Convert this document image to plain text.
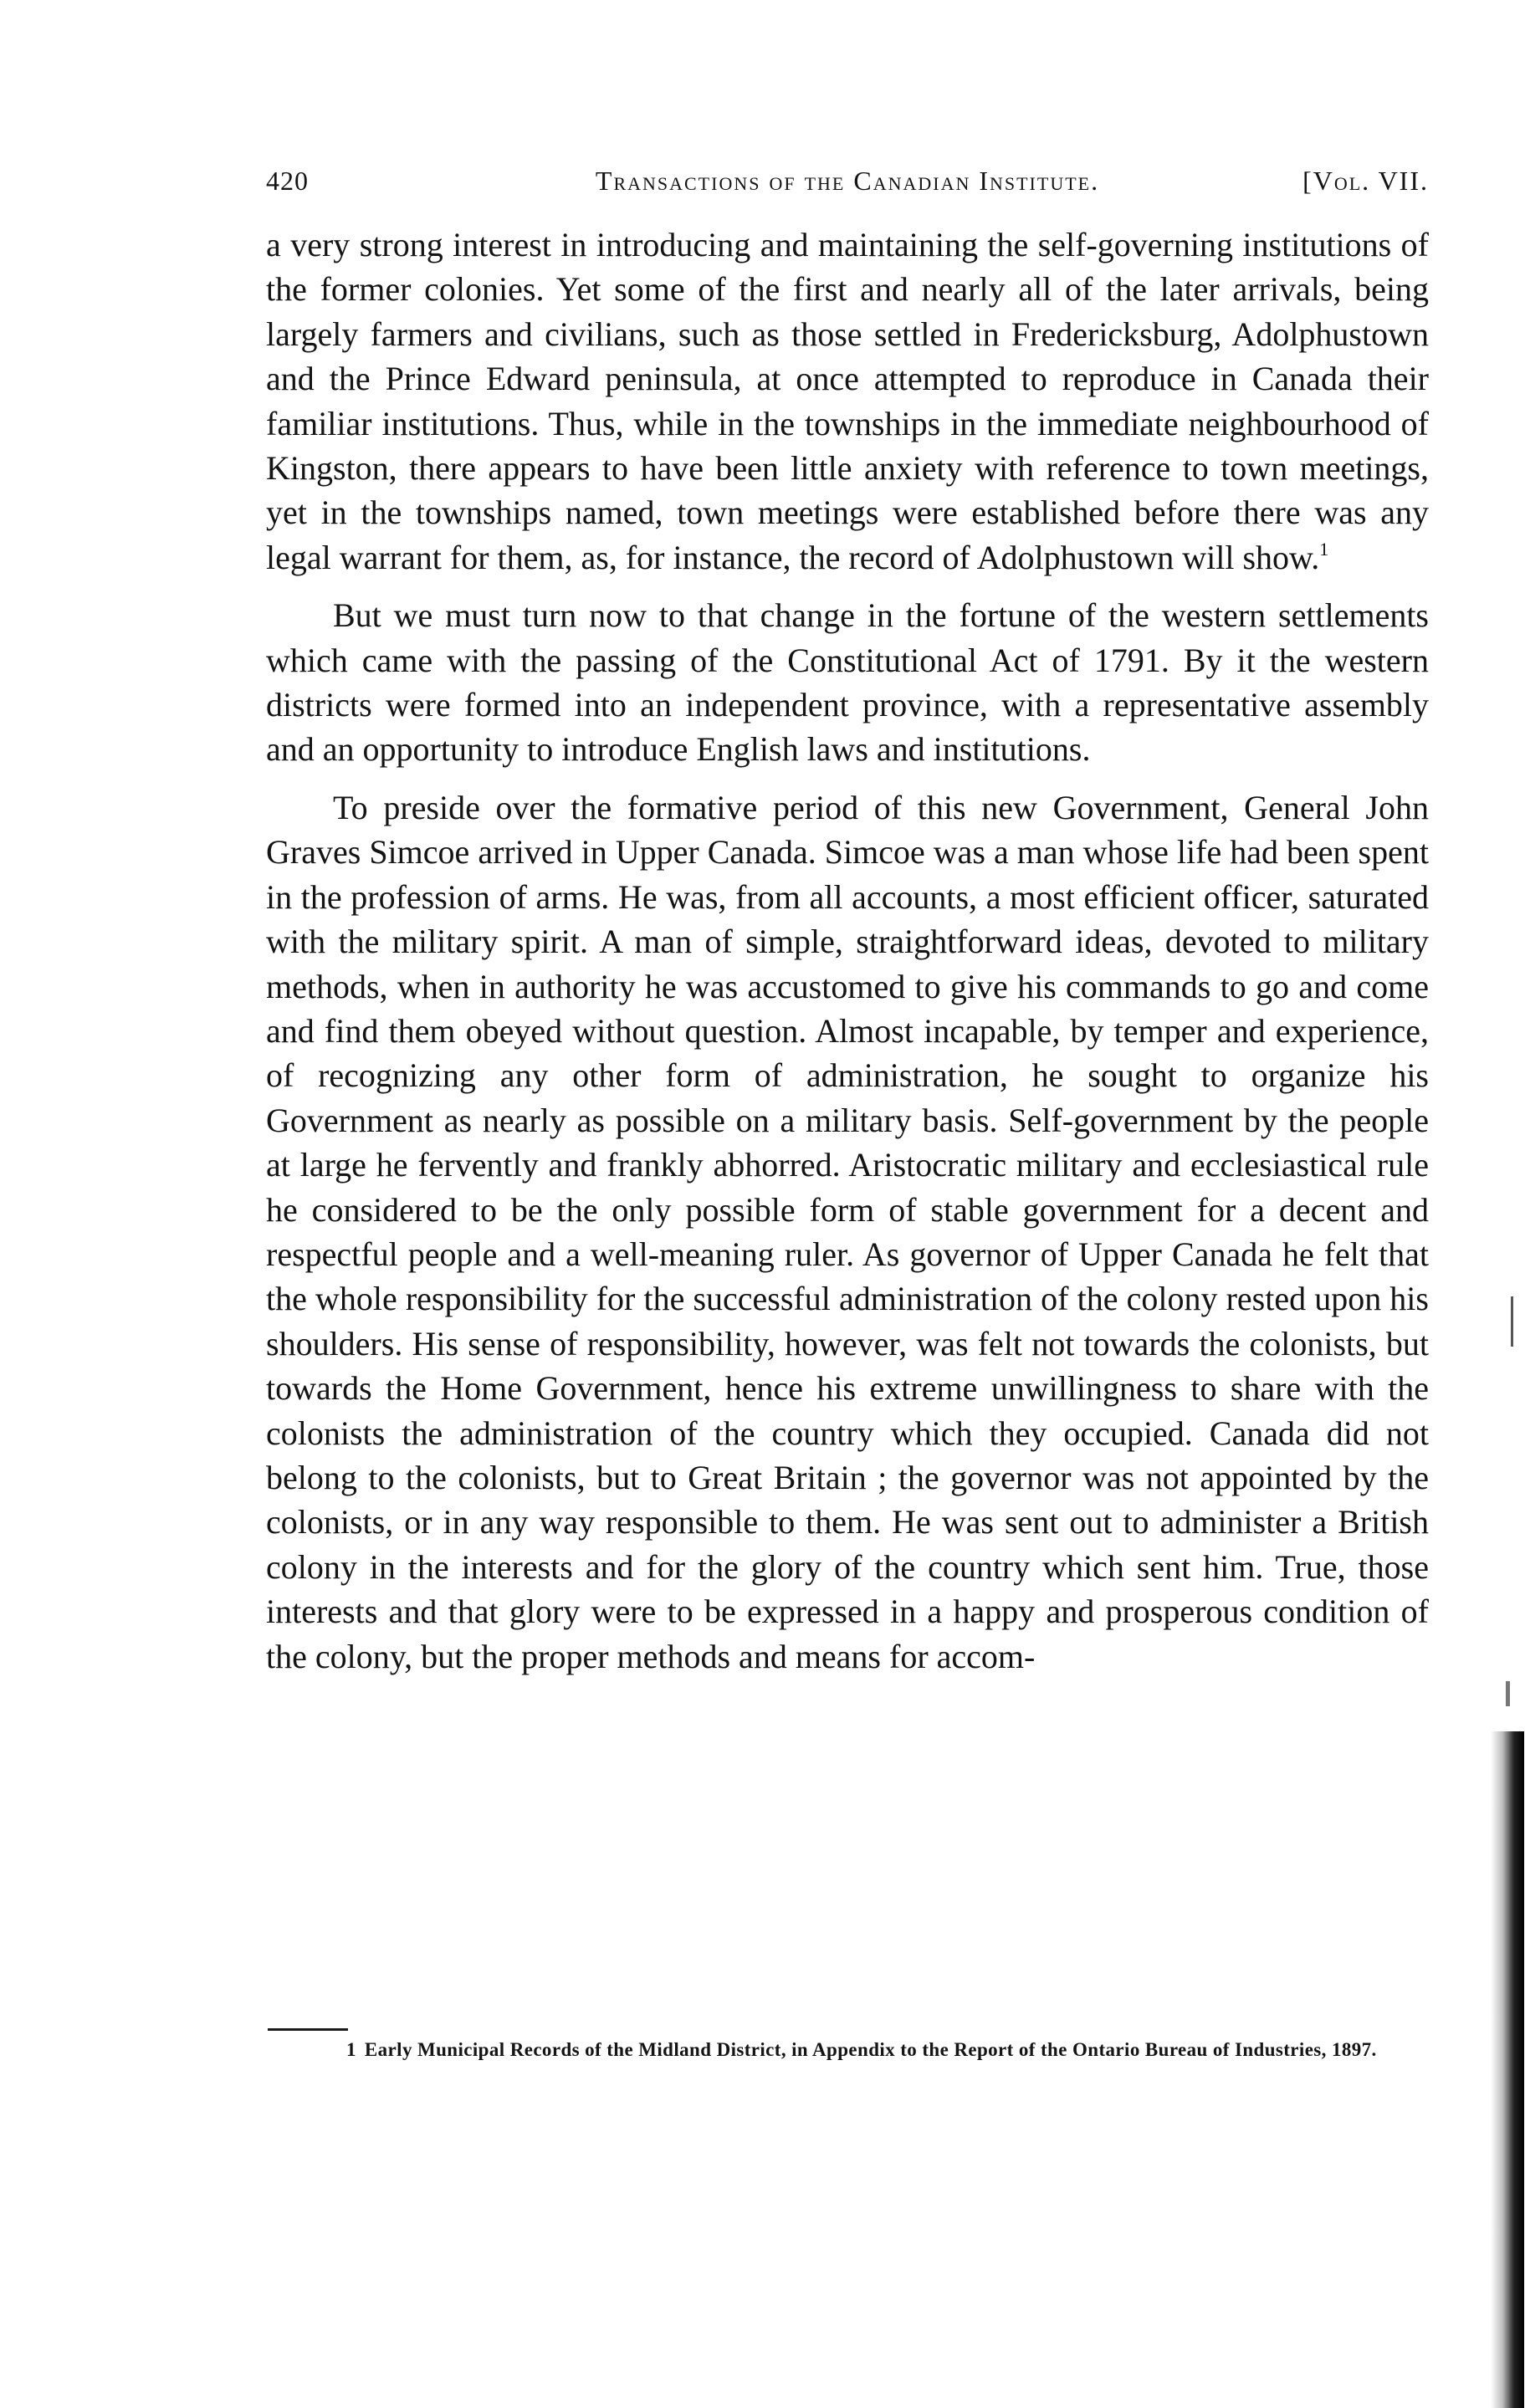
420	Transactions of the Canadian Institute.	[Vol. VII.

a very strong interest in introducing and maintaining the self-governing institutions of the former colonies. Yet some of the first and nearly all of the later arrivals, being largely farmers and civilians, such as those settled in Fredericksburg, Adolphustown and the Prince Edward peninsula, at once attempted to reproduce in Canada their familiar institutions. Thus, while in the townships in the immediate neighbourhood of Kingston, there appears to have been little anxiety with reference to town meetings, yet in the townships named, town meetings were established before there was any legal warrant for them, as, for instance, the record of Adolphustown will show.$^1$

But we must turn now to that change in the fortune of the western settlements which came with the passing of the Constitutional Act of 1791. By it the western districts were formed into an independent province, with a representative assembly and an opportunity to introduce English laws and institutions.

To preside over the formative period of this new Government, General John Graves Simcoe arrived in Upper Canada. Simcoe was a man whose life had been spent in the profession of arms. He was, from all accounts, a most efficient officer, saturated with the military spirit. A man of simple, straightforward ideas, devoted to military methods, when in authority he was accustomed to give his commands to go and come and find them obeyed without question. Almost incapable, by temper and experience, of recognizing any other form of administration, he sought to organize his Government as nearly as possible on a military basis. Self-government by the people at large he fervently and frankly abhorred. Aristocratic military and ecclesiastical rule he considered to be the only possible form of stable government for a decent and respectful people and a well-meaning ruler. As governor of Upper Canada he felt that the whole responsibility for the successful administration of the colony rested upon his shoulders. His sense of responsibility, however, was felt not towards the colonists, but towards the Home Government, hence his extreme unwillingness to share with the colonists the administration of the country which they occupied. Canada did not belong to the colonists, but to Great Britain ; the governor was not appointed by the colonists, or in any way responsible to them. He was sent out to administer a British colony in the interests and for the glory of the country which sent him. True, those interests and that glory were to be expressed in a happy and prosperous condition of the colony, but the proper methods and means for accom-

1 Early Municipal Records of the Midland District, in Appendix to the Report of the Ontario Bureau of Industries, 1897.
